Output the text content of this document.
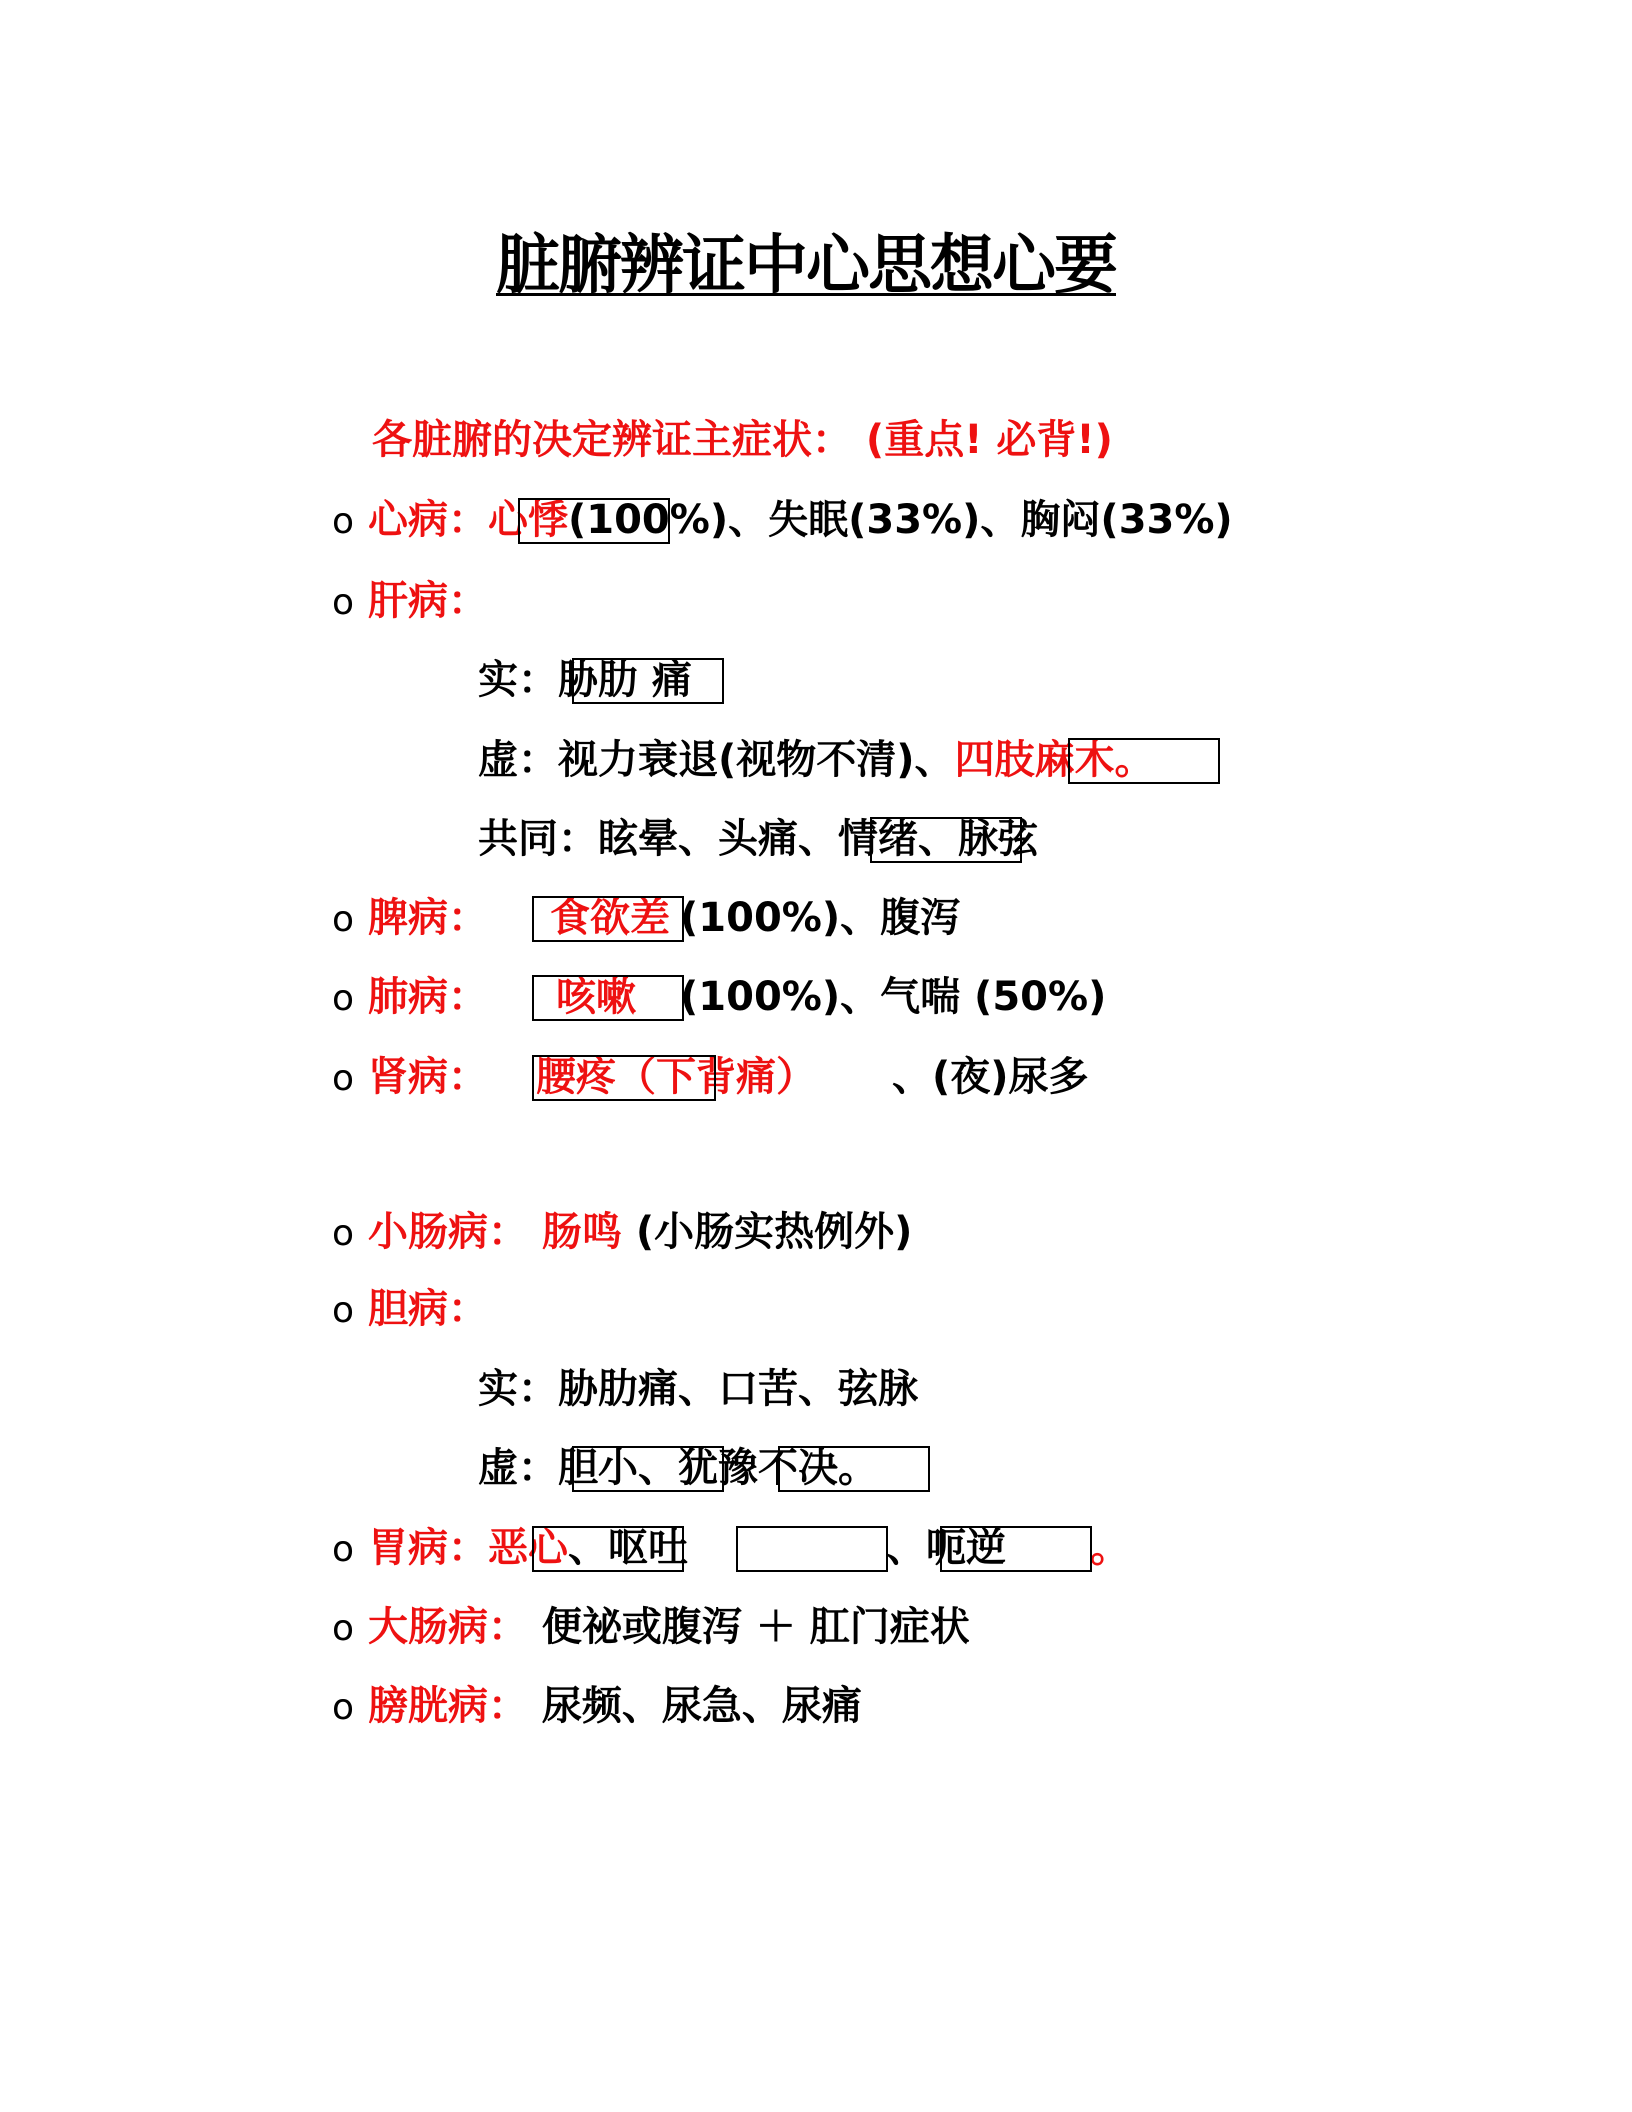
脏腑辨证中心思想心要
各脏腑的决定辨证主症状： (重点! 必背!)
o 心病：心悸(100%)、失眠(33%)、胸闷(33%)
o 肝病：
实：胁肋 痛
虚：视力衰退(视物不清)、四肢麻木。
共同：眩晕、头痛、情绪、脉弦
o 脾病： 食欲差 (100%)、腹泻
o 肺病： 咳嗽 (100%)、气喘 (50%)
o 肾病： 腰疼（下背痛） 、(夜)尿多
o 小肠病： 肠鸣 (小肠实热例外)
o 胆病：
实：胁肋痛、口苦、弦脉
虚：胆小、犹豫不决。
o 胃病：恶心、呕吐	、呃逆 。
o 大肠病： 便祕或腹泻 ＋ 肛门症状
o 膀胱病： 尿频、尿急、尿痛
